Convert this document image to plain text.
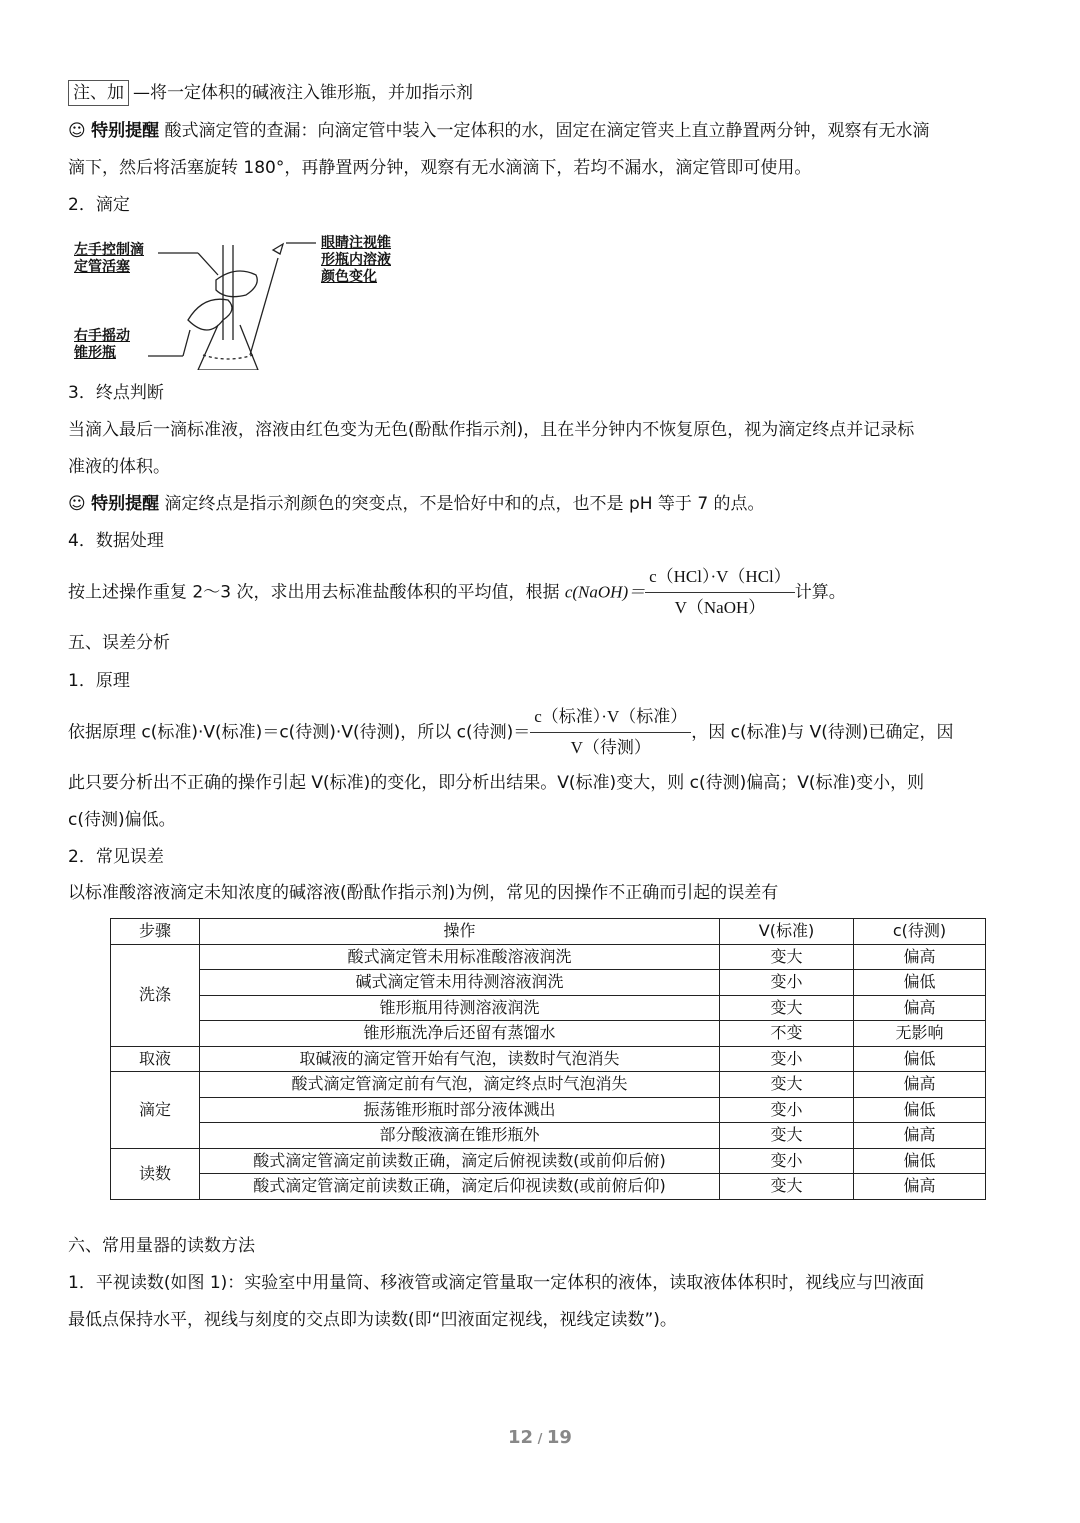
注、加 —将一定体积的碱液注入锥形瓶，并加指示剂
☺ 特别提醒 酸式滴定管的查漏：向滴定管中装入一定体积的水，固定在滴定管夹上直立静置两分钟，观察有无水滴
滴下，然后将活塞旋转 180°，再静置两分钟，观察有无水滴滴下，若均不漏水，滴定管即可使用。
2．滴定
左手控制滴
定管活塞
右手摇动
锥形瓶
眼睛注视锥
形瓶内溶液
颜色变化
3．终点判断
当滴入最后一滴标准液，溶液由红色变为无色(酚酞作指示剂)，且在半分钟内不恢复原色，视为滴定终点并记录标
准液的体积。
☺ 特别提醒 滴定终点是指示剂颜色的突变点，不是恰好中和的点，也不是 pH 等于 7 的点。
4．数据处理
按上述操作重复 2～3 次，求出用去标准盐酸体积的平均值，根据 c(NaOH)＝ $\frac{\text{c（HCl）·V（HCl）}}{\text{V（NaOH）}}$ 计算。
五、误差分析
1．原理
依据原理 c(标准)·V(标准)＝c(待测)·V(待测)，所以 c(待测)＝ $\frac{\text{c（标准）·V（标准）}}{\text{V（待测）}}$ ，因 c(标准)与 V(待测)已确定，因
此只要分析出不正确的操作引起 V(标准)的变化，即分析出结果。V(标准)变大，则 c(待测)偏高；V(标准)变小，则
c(待测)偏低。
2．常见误差
以标准酸溶液滴定未知浓度的碱溶液(酚酞作指示剂)为例，常见的因操作不正确而引起的误差有
步骤	操作	V(标准)	c(待测)
洗涤	酸式滴定管未用标准酸溶液润洗	变大	偏高
	碱式滴定管未用待测溶液润洗	变小	偏低
	锥形瓶用待测溶液润洗	变大	偏高
	锥形瓶洗净后还留有蒸馏水	不变	无影响
取液	取碱液的滴定管开始有气泡，读数时气泡消失	变小	偏低
滴定	酸式滴定管滴定前有气泡，滴定终点时气泡消失	变大	偏高
	振荡锥形瓶时部分液体溅出	变小	偏低
	部分酸液滴在锥形瓶外	变大	偏高
读数	酸式滴定管滴定前读数正确，滴定后俯视读数(或前仰后俯)	变小	偏低
	酸式滴定管滴定前读数正确，滴定后仰视读数(或前俯后仰)	变大	偏高
六、常用量器的读数方法
1．平视读数(如图 1)：实验室中用量筒、移液管或滴定管量取一定体积的液体，读取液体体积时，视线应与凹液面
最低点保持水平，视线与刻度的交点即为读数(即“凹液面定视线，视线定读数”)。
12 / 19
